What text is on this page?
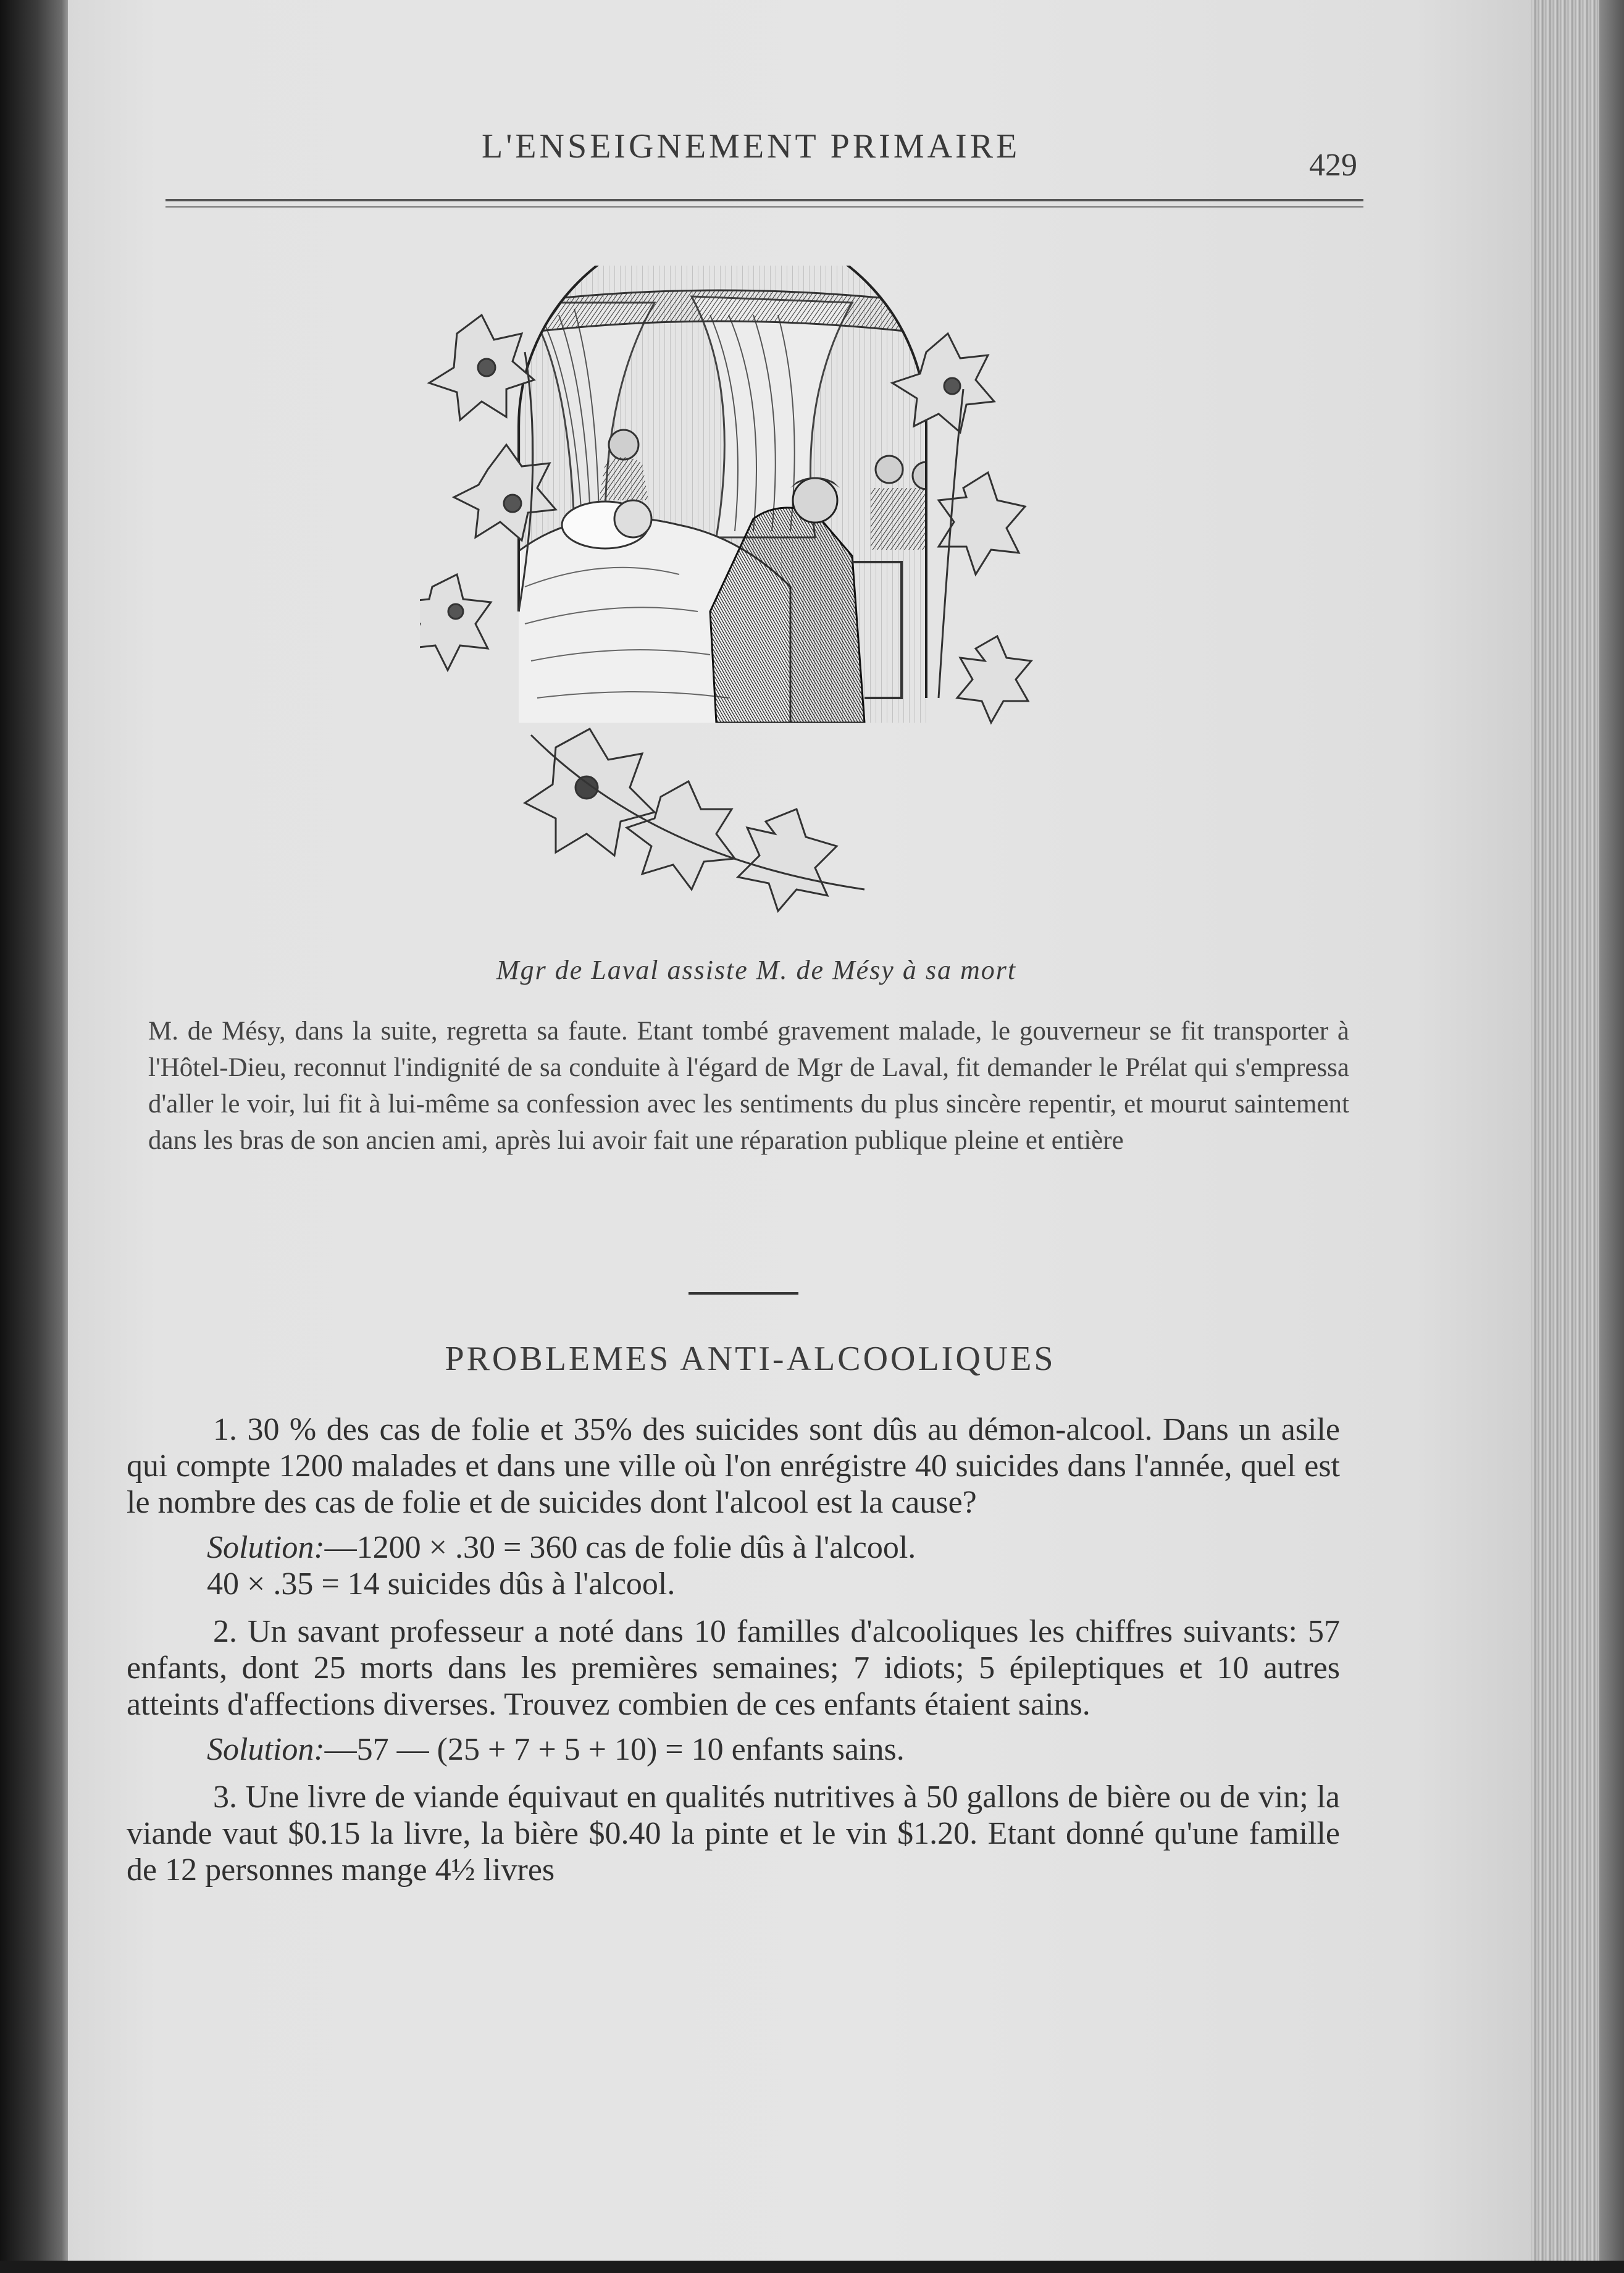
L'ENSEIGNEMENT PRIMAIRE	429
Mgr de Laval assiste M. de Mésy à sa mort
M. de Mésy, dans la suite, regretta sa faute. Etant tombé gravement malade, le gouverneur se fit transporter à l'Hôtel-Dieu, reconnut l'indignité de sa conduite à l'égard de Mgr de Laval, fit demander le Prélat qui s'empressa d'aller le voir, lui fit à lui-même sa confession avec les sentiments du plus sincère repentir, et mourut saintement dans les bras de son ancien ami, après lui avoir fait une réparation publique pleine et entière
PROBLEMES ANTI-ALCOOLIQUES

1. 30 % des cas de folie et 35% des suicides sont dûs au démon-alcool. Dans un asile qui compte 1200 malades et dans une ville où l'on enrégistre 40 suicides dans l'année, quel est le nombre des cas de folie et de suicides dont l'alcool est la cause?

Solution:—1200 × .30 = 360 cas de folie dûs à l'alcool.

40 × .35 = 14 suicides dûs à l'alcool.

2. Un savant professeur a noté dans 10 familles d'alcooliques les chiffres suivants: 57 enfants, dont 25 morts dans les premières semaines; 7 idiots; 5 épileptiques et 10 autres atteints d'affections diverses. Trouvez combien de ces enfants étaient sains.

Solution:—57 — (25 + 7 + 5 + 10) = 10 enfants sains.

3. Une livre de viande équivaut en qualités nutritives à 50 gallons de bière ou de vin; la viande vaut $0.15 la livre, la bière $0.40 la pinte et le vin $1.20. Etant donné qu'une famille de 12 personnes mange 4½ livres
